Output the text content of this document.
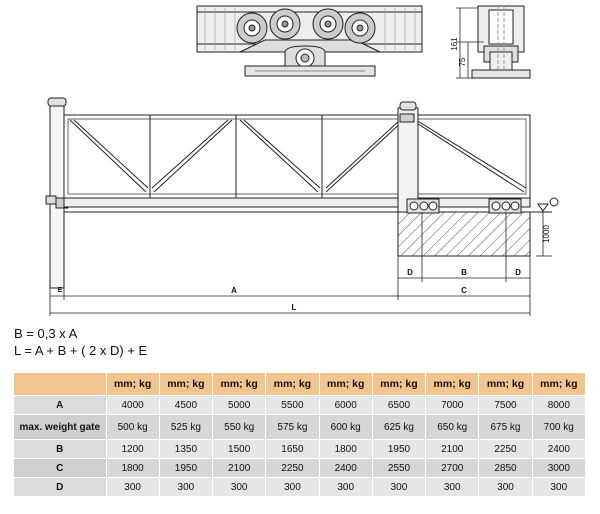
161
75
1000
D	B	D
E	A	C
L
B = 0,3 x A
L = A + B + ( 2 x D) + E
	mm; kg	mm; kg	mm; kg	mm; kg	mm; kg	mm; kg	mm; kg	mm; kg	mm; kg
A	4000	4500	5000	5500	6000	6500	7000	7500	8000
max. weight gate	500 kg	525 kg	550 kg	575 kg	600 kg	625 kg	650 kg	675 kg	700 kg
B	1200	1350	1500	1650	1800	1950	2100	2250	2400
C	1800	1950	2100	2250	2400	2550	2700	2850	3000
D	300	300	300	300	300	300	300	300	300
